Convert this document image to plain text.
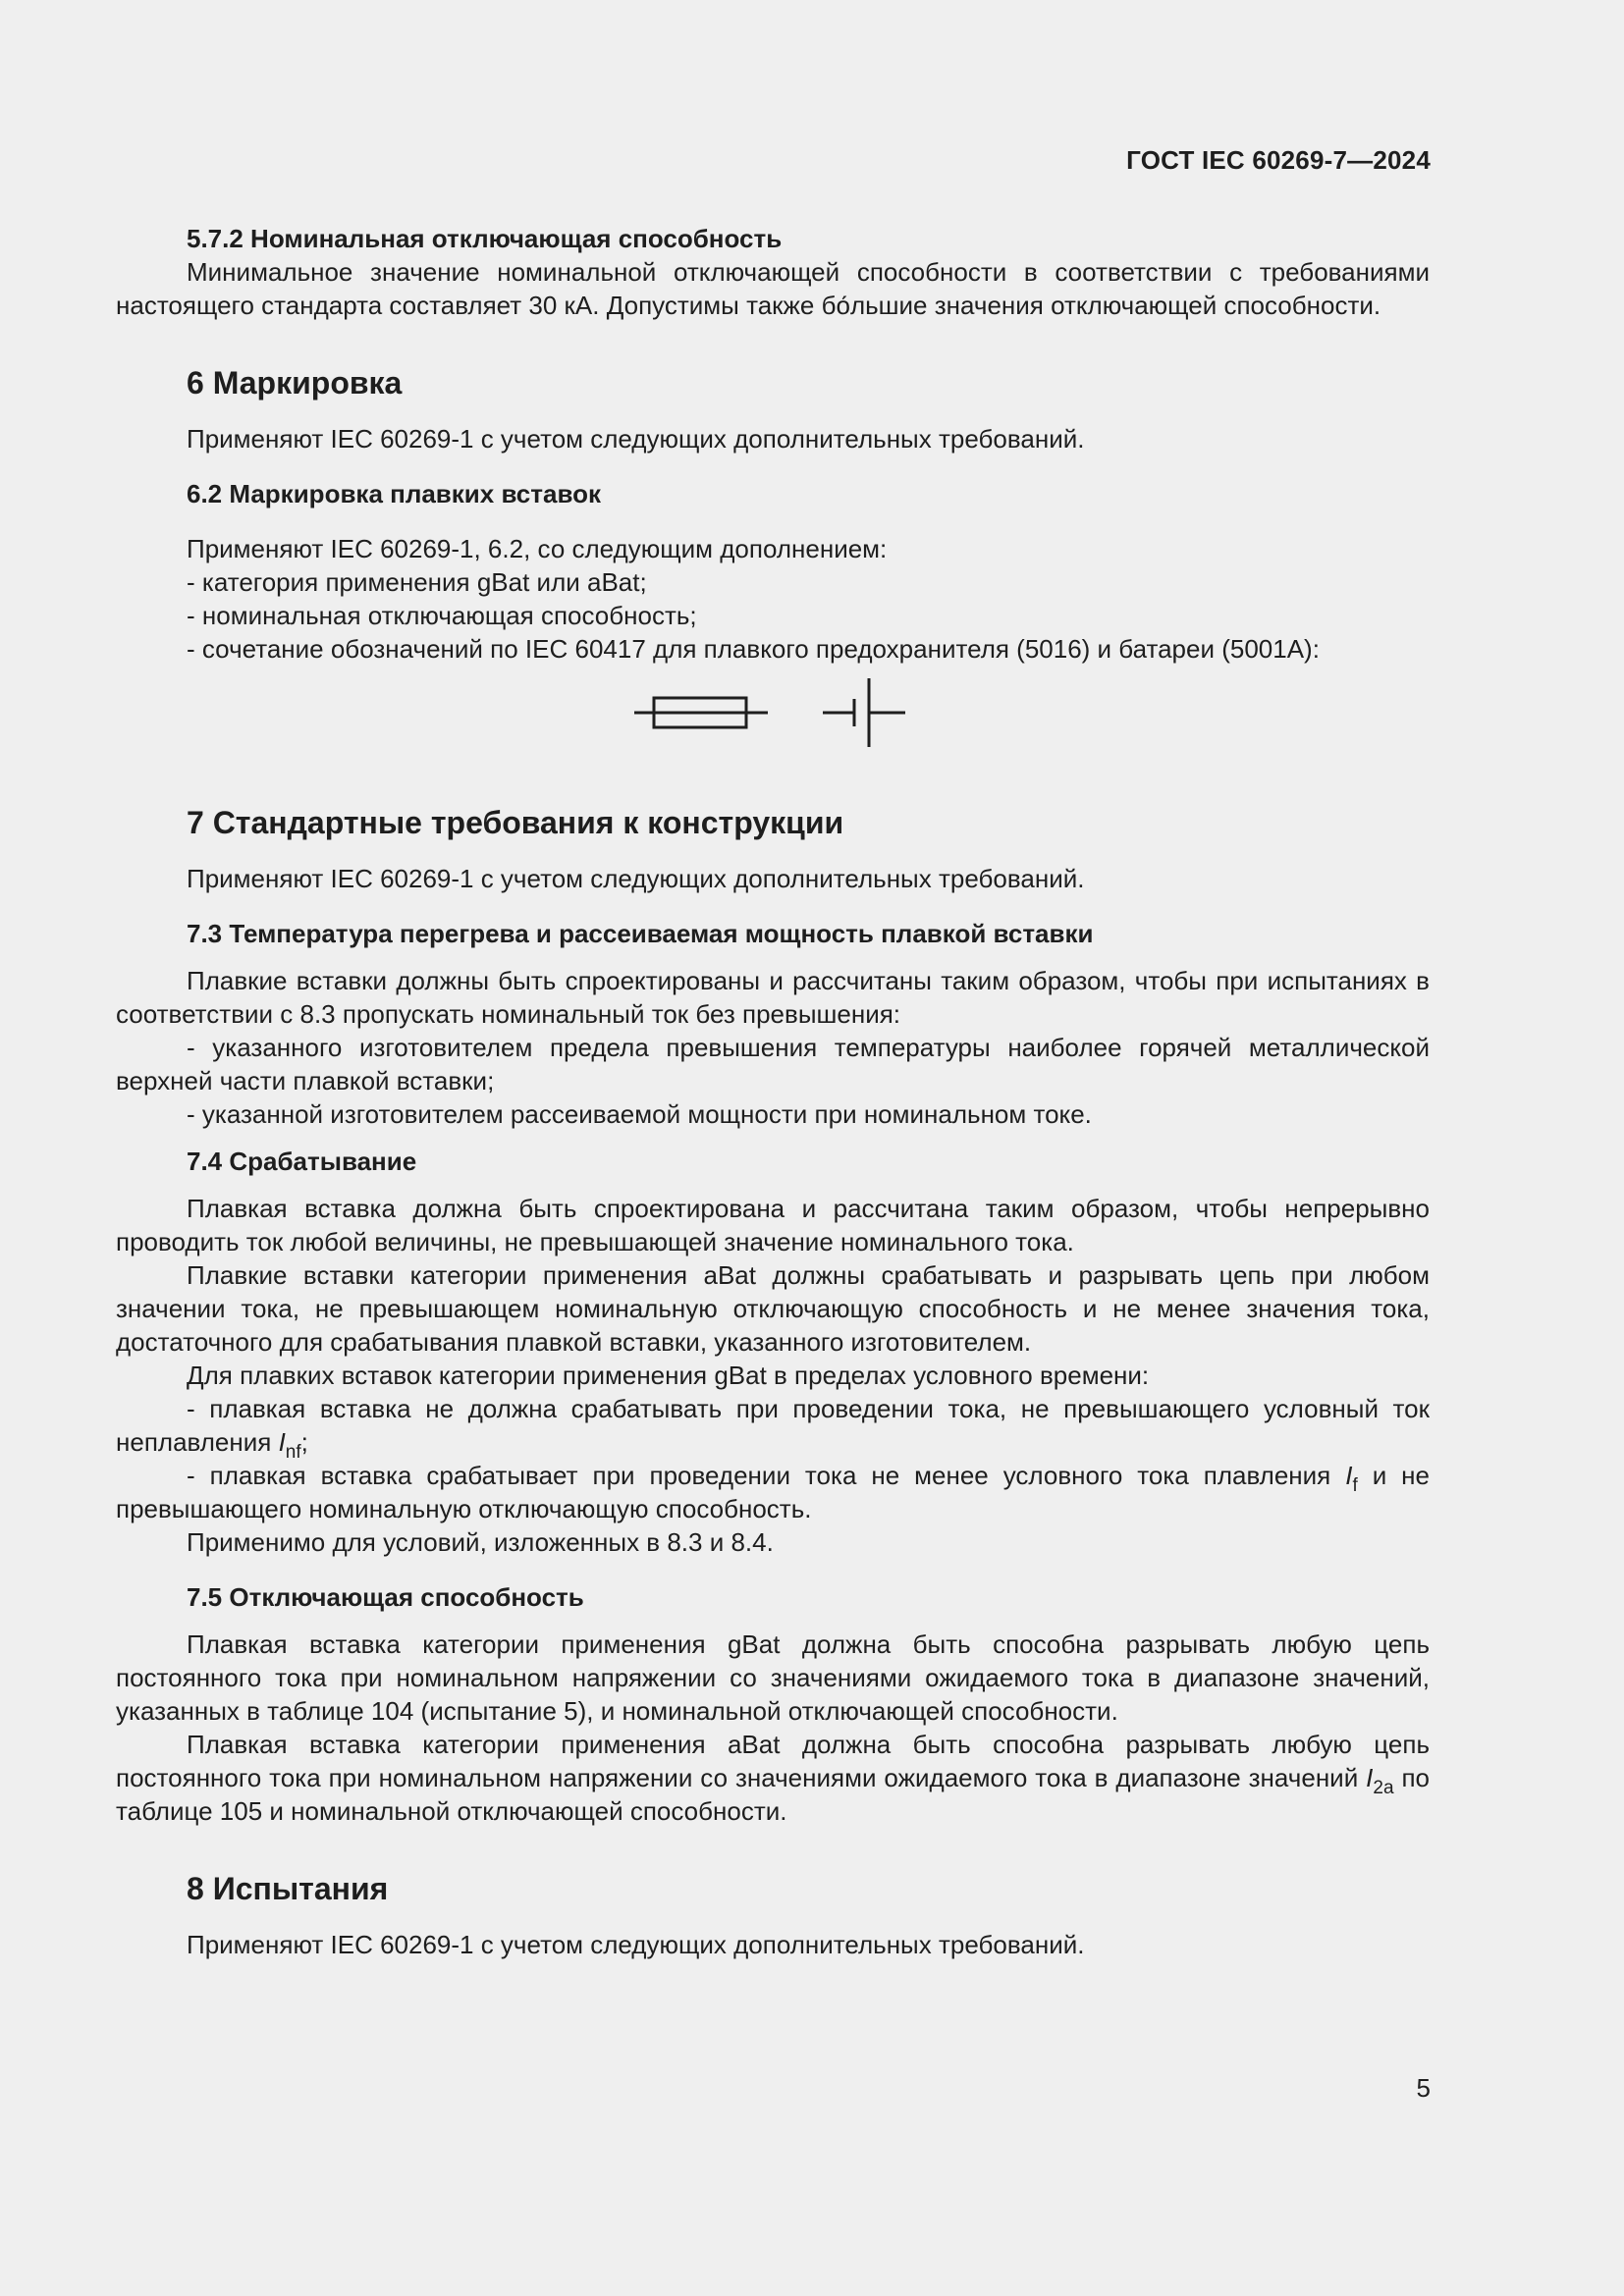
ГОСТ IEC 60269-7—2024
5.7.2 Номинальная отключающая способность

Минимальное значение номинальной отключающей способности в соответствии с требованиями настоящего стандарта составляет 30 кА. Допустимы также бо́льшие значения отключающей способности.

6 Маркировка

Применяют IEC 60269-1 с учетом следующих дополнительных требований.

6.2 Маркировка плавких вставок

Применяют IEC 60269-1, 6.2, со следующим дополнением:

- категория применения gBat или aBat;

- номинальная отключающая способность;

- сочетание обозначений по IEC 60417 для плавкого предохранителя (5016) и батареи (5001A):

7 Стандартные требования к конструкции

Применяют IEC 60269-1 с учетом следующих дополнительных требований.

7.3 Температура перегрева и рассеиваемая мощность плавкой вставки

Плавкие вставки должны быть спроектированы и рассчитаны таким образом, чтобы при испытаниях в соответствии с 8.3 пропускать номинальный ток без превышения:

- указанного изготовителем предела превышения температуры наиболее горячей металлической верхней части плавкой вставки;

- указанной изготовителем рассеиваемой мощности при номинальном токе.

7.4 Срабатывание

Плавкая вставка должна быть спроектирована и рассчитана таким образом, чтобы непрерывно проводить ток любой величины, не превышающей значение номинального тока.

Плавкие вставки категории применения aBat должны срабатывать и разрывать цепь при любом значении тока, не превышающем номинальную отключающую способность и не менее значения тока, достаточного для срабатывания плавкой вставки, указанного изготовителем.

Для плавких вставок категории применения gBat в пределах условного времени:

- плавкая вставка не должна срабатывать при проведении тока, не превышающего условный ток неплавления $I_{nf}$;

- плавкая вставка срабатывает при проведении тока не менее условного тока плавления $I_f$ и не превышающего номинальную отключающую способность.

Применимо для условий, изложенных в 8.3 и 8.4.

7.5 Отключающая способность

Плавкая вставка категории применения gBat должна быть способна разрывать любую цепь постоянного тока при номинальном напряжении со значениями ожидаемого тока в диапазоне значений, указанных в таблице 104 (испытание 5), и номинальной отключающей способности.

Плавкая вставка категории применения aBat должна быть способна разрывать любую цепь постоянного тока при номинальном напряжении со значениями ожидаемого тока в диапазоне значений $I_{2a}$ по таблице 105 и номинальной отключающей способности.

8 Испытания

Применяют IEC 60269-1 с учетом следующих дополнительных требований.

5
